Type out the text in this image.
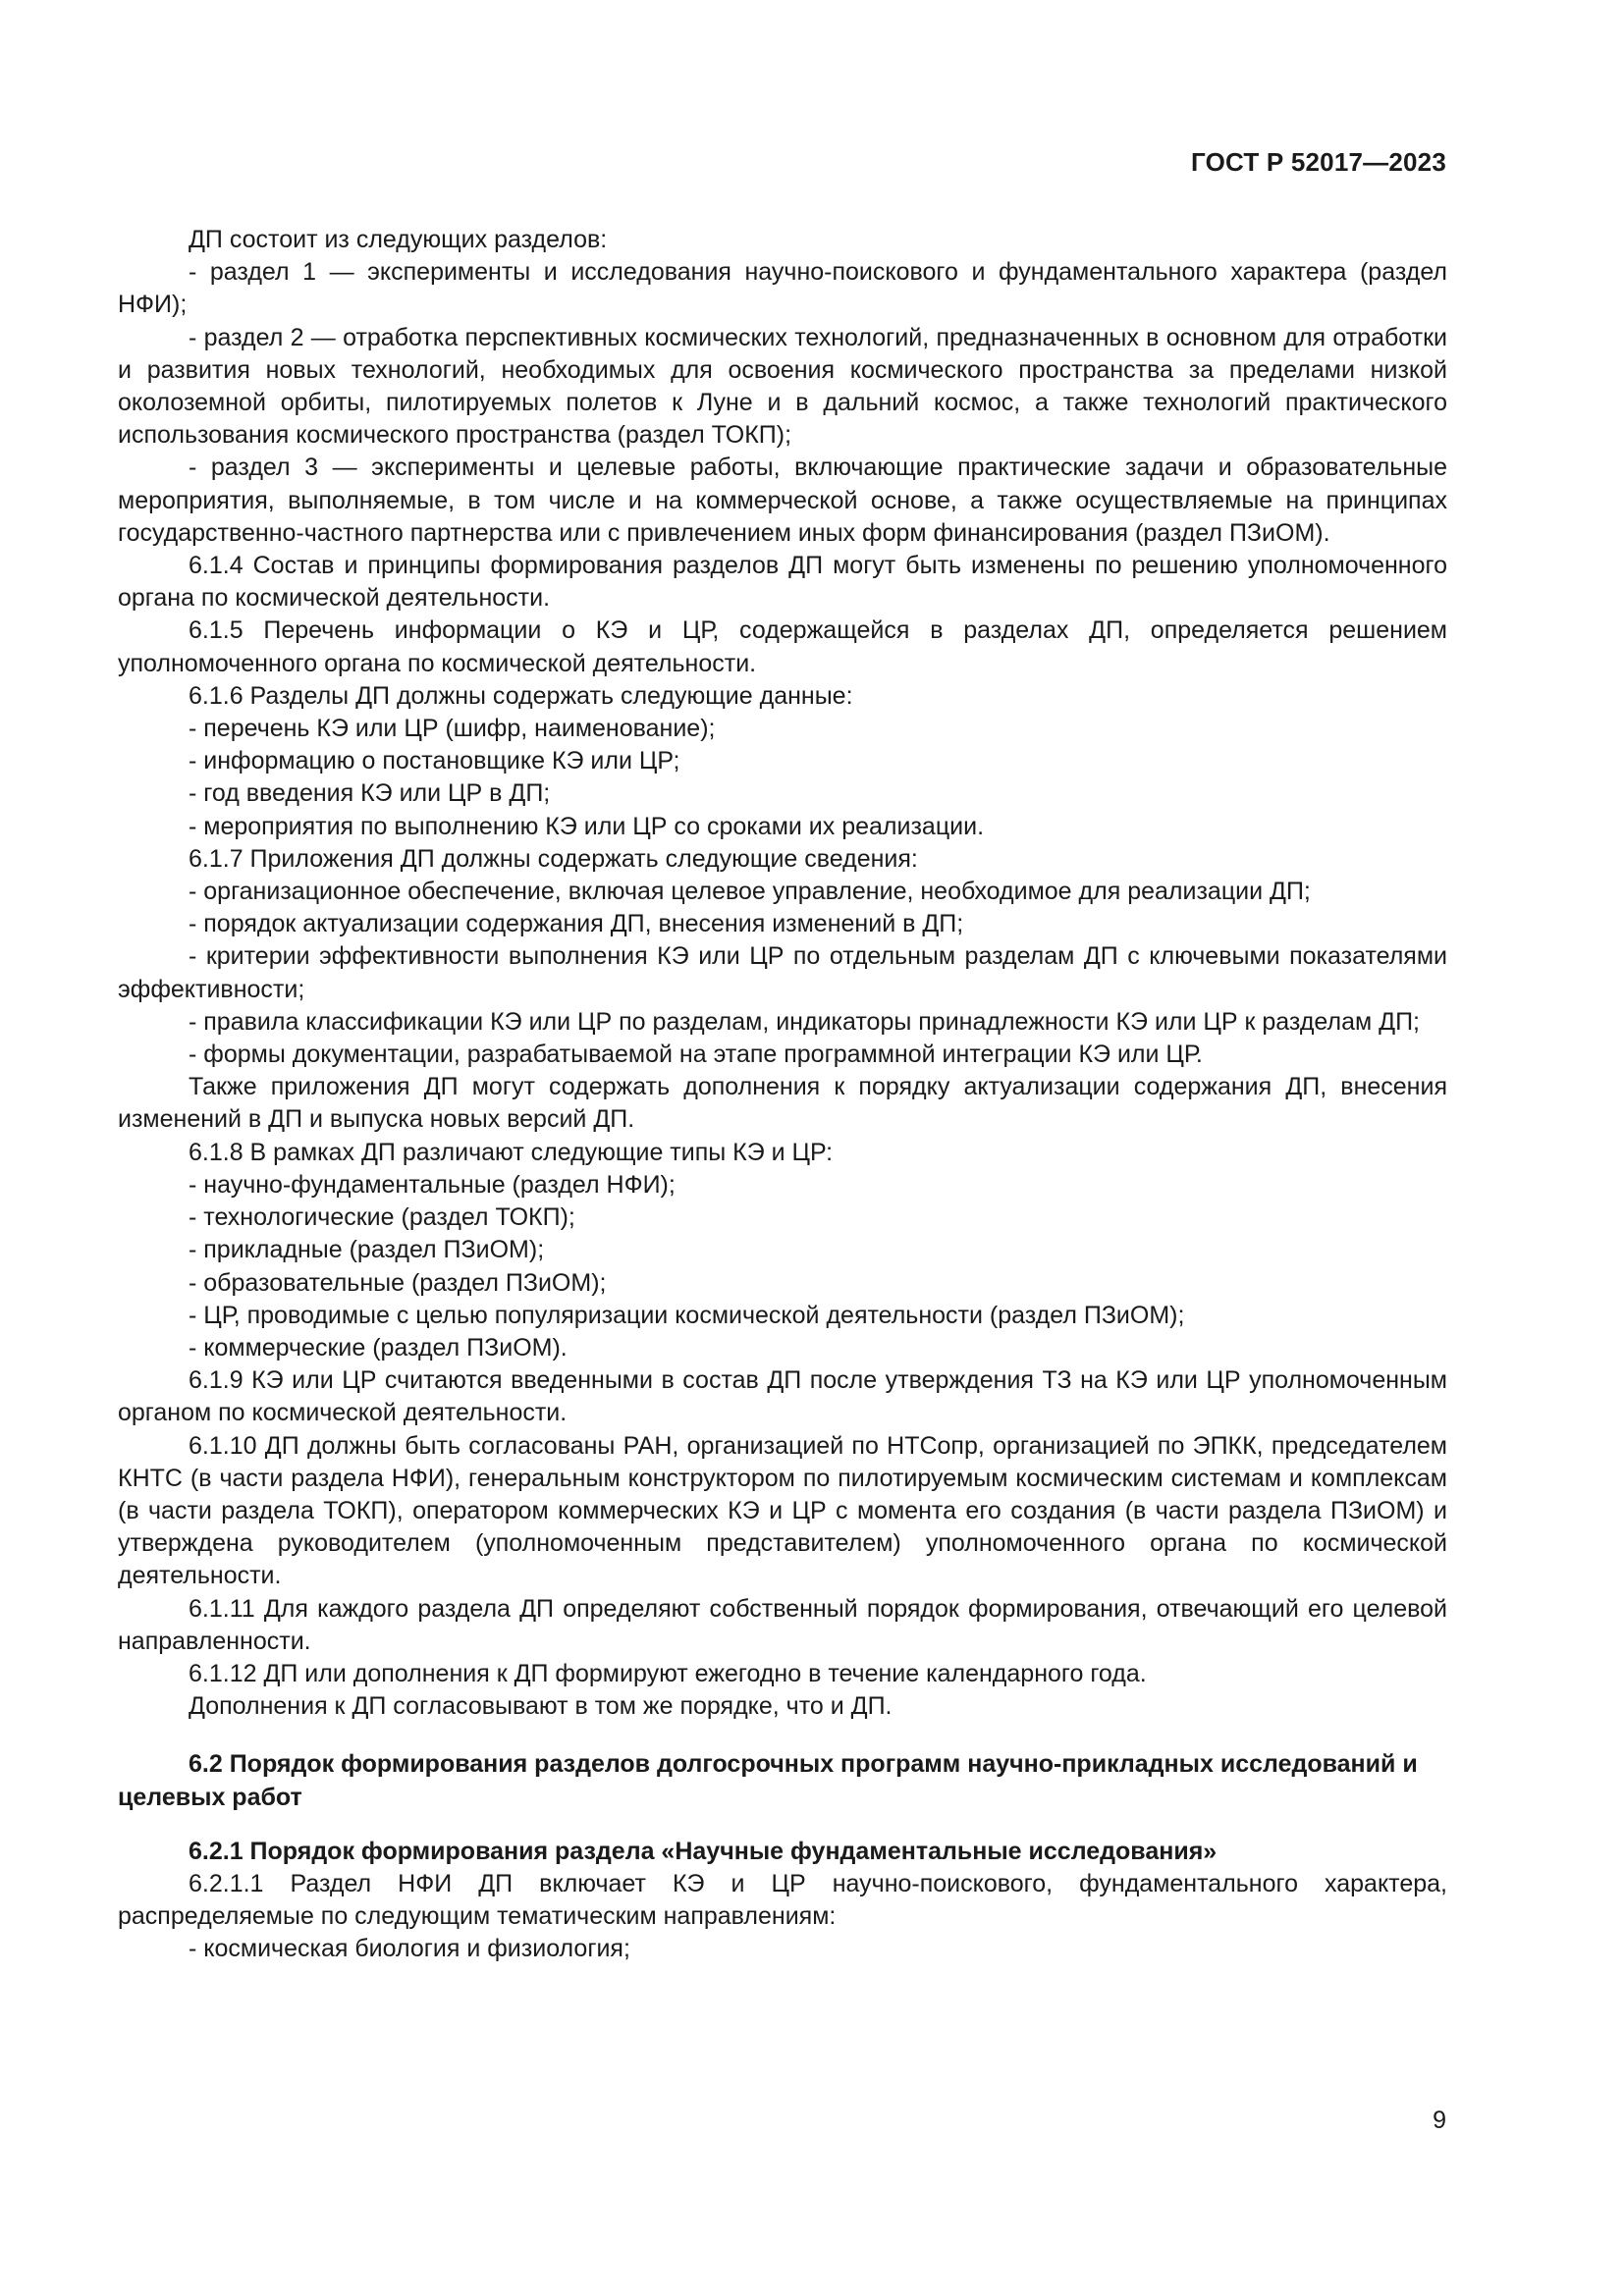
ГОСТ Р 52017—2023

ДП состоит из следующих разделов:

- раздел 1 — эксперименты и исследования научно-поискового и фундаментального характера (раздел НФИ);

- раздел 2 — отработка перспективных космических технологий, предназначенных в основном для отработки и развития новых технологий, необходимых для освоения космического пространства за пределами низкой околоземной орбиты, пилотируемых полетов к Луне и в дальний космос, а также технологий практического использования космического пространства (раздел ТОКП);

- раздел 3 — эксперименты и целевые работы, включающие практические задачи и образовательные мероприятия, выполняемые, в том числе и на коммерческой основе, а также осуществляемые на принципах государственно-частного партнерства или с привлечением иных форм финансирования (раздел ПЗиОМ).

6.1.4 Состав и принципы формирования разделов ДП могут быть изменены по решению уполномоченного органа по космической деятельности.

6.1.5 Перечень информации о КЭ и ЦР, содержащейся в разделах ДП, определяется решением уполномоченного органа по космической деятельности.

6.1.6 Разделы ДП должны содержать следующие данные:

- перечень КЭ или ЦР (шифр, наименование);

- информацию о постановщике КЭ или ЦР;

- год введения КЭ или ЦР в ДП;

- мероприятия по выполнению КЭ или ЦР со сроками их реализации.

6.1.7 Приложения ДП должны содержать следующие сведения:

- организационное обеспечение, включая целевое управление, необходимое для реализации ДП;

- порядок актуализации содержания ДП, внесения изменений в ДП;

- критерии эффективности выполнения КЭ или ЦР по отдельным разделам ДП с ключевыми показателями эффективности;

- правила классификации КЭ или ЦР по разделам, индикаторы принадлежности КЭ или ЦР к разделам ДП;

- формы документации, разрабатываемой на этапе программной интеграции КЭ или ЦР.

Также приложения ДП могут содержать дополнения к порядку актуализации содержания ДП, внесения изменений в ДП и выпуска новых версий ДП.

6.1.8 В рамках ДП различают следующие типы КЭ и ЦР:

- научно-фундаментальные (раздел НФИ);

- технологические (раздел ТОКП);

- прикладные (раздел ПЗиОМ);

- образовательные (раздел ПЗиОМ);

- ЦР, проводимые с целью популяризации космической деятельности (раздел ПЗиОМ);

- коммерческие (раздел ПЗиОМ).

6.1.9 КЭ или ЦР считаются введенными в состав ДП после утверждения ТЗ на КЭ или ЦР уполномоченным органом по космической деятельности.

6.1.10 ДП должны быть согласованы РАН, организацией по НТСопр, организацией по ЭПКК, председателем КНТС (в части раздела НФИ), генеральным конструктором по пилотируемым космическим системам и комплексам (в части раздела ТОКП), оператором коммерческих КЭ и ЦР с момента его создания (в части раздела ПЗиОМ) и утверждена руководителем (уполномоченным представителем) уполномоченного органа по космической деятельности.

6.1.11 Для каждого раздела ДП определяют собственный порядок формирования, отвечающий его целевой направленности.

6.1.12 ДП или дополнения к ДП формируют ежегодно в течение календарного года.

Дополнения к ДП согласовывают в том же порядке, что и ДП.

6.2 Порядок формирования разделов долгосрочных программ научно-прикладных исследований и целевых работ

6.2.1 Порядок формирования раздела «Научные фундаментальные исследования»

6.2.1.1 Раздел НФИ ДП включает КЭ и ЦР научно-поискового, фундаментального характера, распределяемые по следующим тематическим направлениям:

- космическая биология и физиология;

9
